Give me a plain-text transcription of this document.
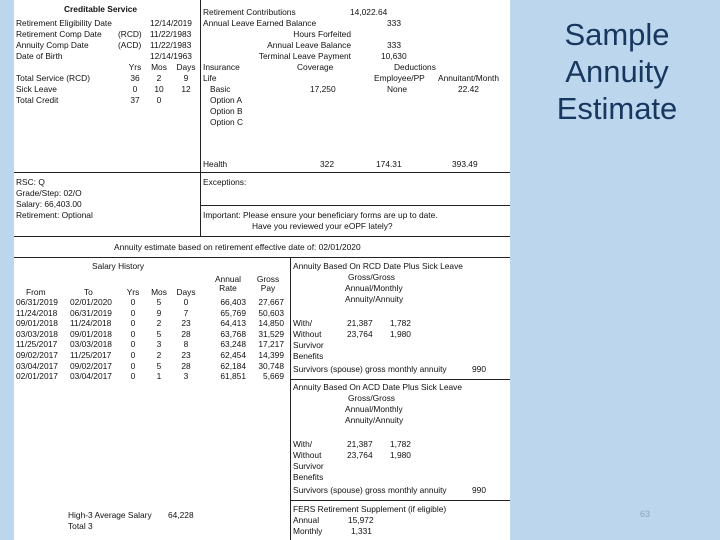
Creditable Service
Retirement Eligibility Date	12/14/2019
Retirement Comp Date (RCD) 11/22/1983
Annuity Comp Date	(ACD) 11/22/1983
Date of Birth	12/14/1963
Yrs	Mos	Days
Total Service (RCD)	36	2	9
Sick Leave	0	10	12
Total Credit	37	0
Retirement Contributions	14,022.64
Annual Leave Earned Balance	333
Hours Forfeited
Annual Leave Balance	333
Terminal Leave Payment	10,630
Insurance	Coverage	Deductions
Employee/PP Annuitant/Month
Life
Basic	17,250	None	22.42
Option A
Option B
Option C
Health	322	174.31	393.49
RSC: Q
Grade/Step: 02/O
Salary: 66,403.00
Retirement: Optional
Exceptions:
Important: Please ensure your beneficiary forms are up to date.
Have you reviewed your eOPF lately?
Annuity estimate based on retirement effective date of: 02/01/2020
Salary History
Annual Rate
Gross Pay
From	To	Yrs	Mos	Days
06/31/2019 02/01/2020	0	5	0	66,403	27,667
11/24/2018 06/31/2019	0	9	7	65,769	50,603
09/01/2018 11/24/2018	0	2	23	64,413	14,850
03/03/2018 09/01/2018	0	5	28	63,768	31,529
11/25/2017 03/03/2018	0	3	8	63,248	17,217
09/02/2017 11/25/2017	0	2	23	62,454	14,399
03/04/2017 09/02/2017	0	5	28	62,184	30,748
02/01/2017 03/04/2017	0	1	3	61,851	5,669
High-3 Average Salary 64,228
Total 3
Annuity Based On RCD Date Plus Sick Leave
Gross/Gross
Annual/Monthly
Annuity/Annuity
With/	21,387 1,782
Without	23,764 1,980
Survivor
Benefits
Survivors (spouse) gross monthly annuity	990
Annuity Based On ACD Date Plus Sick Leave
Gross/Gross
Annual/Monthly
Annuity/Annuity
With/	21,387 1,782
Without	23,764 1,980
Survivor
Benefits
Survivors (spouse) gross monthly annuity	990
FERS Retirement Supplement (if eligible)
Annual	15,972
Monthly	1,331
Sample
Annuity
Estimate
63
